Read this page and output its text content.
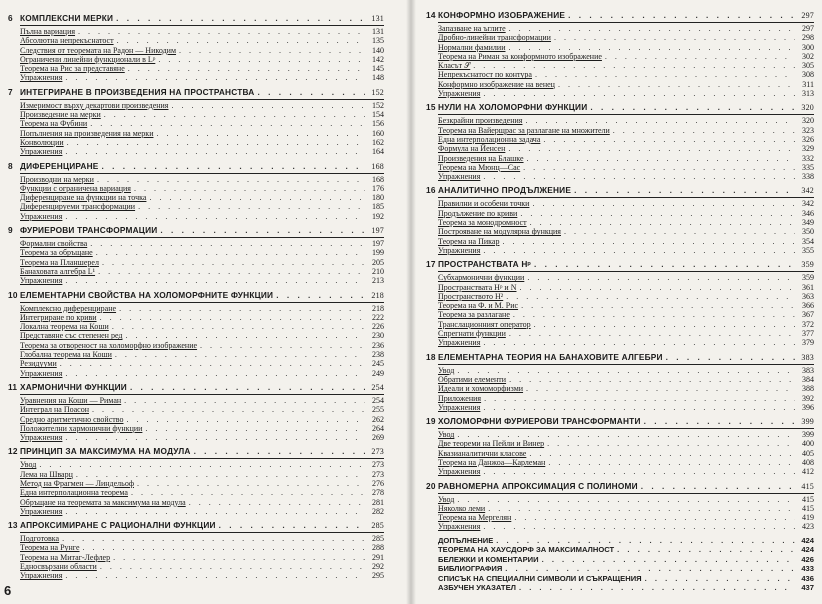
6 КОМПЛЕКСНИ МЕРКИ . . .	131
Пълна вариация . . .	131
Абсолютна непрекъснатост . . .	135
Следствия от теоремата на Радон — Никодим . . .	140
Ограничени линейни функционали в Lᵖ . . .	142
Теорема на Рис за представяне . . .	145
Упражнения . . .	148
7 ИНТЕГРИРАНЕ В ПРОИЗВЕДЕНИЯ НА ПРОСТРАНСТВА . . .	152
Измеримост върху декартови произведения . . .	152
Произведение на мерки . . .	154
Теорема на Фубини . . .	156
Попълнения на произведения на мерки . . .	160
Конволюции . . .	162
Упражнения . . .	164
8 ДИФЕРЕНЦИРАНЕ . . .	168
Производни на мерки . . .	168
Функции с ограничена вариация . . .	176
Диференциране на функции на точка . . .	180
Диференцируеми трансформации . . .	185
Упражнения . . .	192
9 ФУРИЕРОВИ ТРАНСФОРМАЦИИ . . .	197
Формални свойства . . .	197
Теорема за обръщане . . .	199
Теорема на Планшерел . . .	205
Банаховата алгебра L¹ . . .	210
Упражнения . . .	213
10 ЕЛЕМЕНТАРНИ СВОЙСТВА НА ХОЛОМОРФНИТЕ ФУНКЦИИ . . .	218
Комплексно диференциране . . .	218
Интегриране по криви . . .	222
Локална теорема на Коши . . .	226
Представяне със степенен ред . . .	230
Теорема за отвореност на холоморфно изображение . . .	236
Глобална теорема на Коши . . .	238
Резидууми . . .	245
Упражнения . . .	249
11 ХАРМОНИЧНИ ФУНКЦИИ . . .	254
Уравнения на Коши — Риман . . .	254
Интеграл на Поасон . . .	255
Средно аритметично свойство . . .	262
Положителни хармонични функции . . .	264
Упражнения . . .	269
12 ПРИНЦИП ЗА МАКСИМУМА НА МОДУЛА . . .	273
Увод . . .	273
Лема на Шварц . . .	273
Метод на Фрагмен — Линдельоф . . .	276
Една интерполационна теорема . . .	278
Обръщане на теоремата за максимума на модула . . .	281
Упражнения . . .	282
13 АПРОКСИМИРАНЕ С РАЦИОНАЛНИ ФУНКЦИИ . . .	285
Подготовка . . .	285
Теорема на Рунге . . .	288
Теорема на Митаг-Лефлер . . .	291
Едносвързани области . . .	292
Упражнения . . .	295
14 КОНФОРМНО ИЗОБРАЖЕНИЕ . . .	297
Запазване на ъглите . . .	297
Дробно-линейни трансформации . . .	298
Нормални фамилии . . .	300
Теорема на Риман за конформното изображение . . .	302
Класът 𝒮 . . .	305
Непрекъснатост по контура . . .	308
Конформно изображение на венец . . .	311
Упражнения . . .	313
15 НУЛИ НА ХОЛОМОРФНИ ФУНКЦИИ . . .	320
Безкрайни произведения . . .	320
Теорема на Вайерщрас за разлагане на множители . . .	323
Една интерполационна задача . . .	326
Формула на Йенсен . . .	329
Произведения на Блашке . . .	332
Теорема на Мюнц—Сас . . .	335
Упражнения . . .	338
16 АНАЛИТИЧНО ПРОДЪЛЖЕНИЕ . . .	342
Правилни и особени точки . . .	342
Продължение по криви . . .	346
Теорема за монодромност . . .	349
Построяване на модулярна функция . . .	350
Теорема на Пикар . . .	354
Упражнения . . .	355
17 ПРОСТРАНСТВАТА Hᵖ . . .	359
Субхармонични функции . . .	359
Пространствата Hᵖ и N . . .	361
Пространството H² . . .	363
Теорема на Ф. и М. Рис . . .	366
Теорема за разлагане . . .	367
Транслационният оператор . . .	372
Спрегнати функции . . .	377
Упражнения . . .	379
18 ЕЛЕМЕНТАРНА ТЕОРИЯ НА БАНАХОВИТЕ АЛГЕБРИ . . .	383
Увод . . .	383
Обратими елементи . . .	384
Идеали и хомоморфизми . . .	388
Приложения . . .	392
Упражнения . . .	396
19 ХОЛОМОРФНИ ФУРИЕРОВИ ТРАНСФОРМАНТИ . . .	399
Увод . . .	399
Две теореми на Пейли и Винер . . .	400
Квазианалитични класове . . .	405
Теорема на Данжоа—Карлеман . . .	408
Упражнения . . .	412
20 РАВНОМЕРНА АПРОКСИМАЦИЯ С ПОЛИНОМИ . . .	415
Увод . . .	415
Няколко леми . . .	415
Теорема на Мергелян . . .	419
Упражнения . . .	423
ДОПЪЛНЕНИЕ . . .	424
ТЕОРЕМА НА ХАУСДОРФ ЗА МАКСИМАЛНОСТ . . .	424
БЕЛЕЖКИ И КОМЕНТАРИИ . . .	426
БИБЛИОГРАФИЯ . . .	433
СПИСЪК НА СПЕЦИАЛНИ СИМВОЛИ И СЪКРАЩЕНИЯ . . .	436
АЗБУЧЕН УКАЗАТЕЛ . . .	437
6
